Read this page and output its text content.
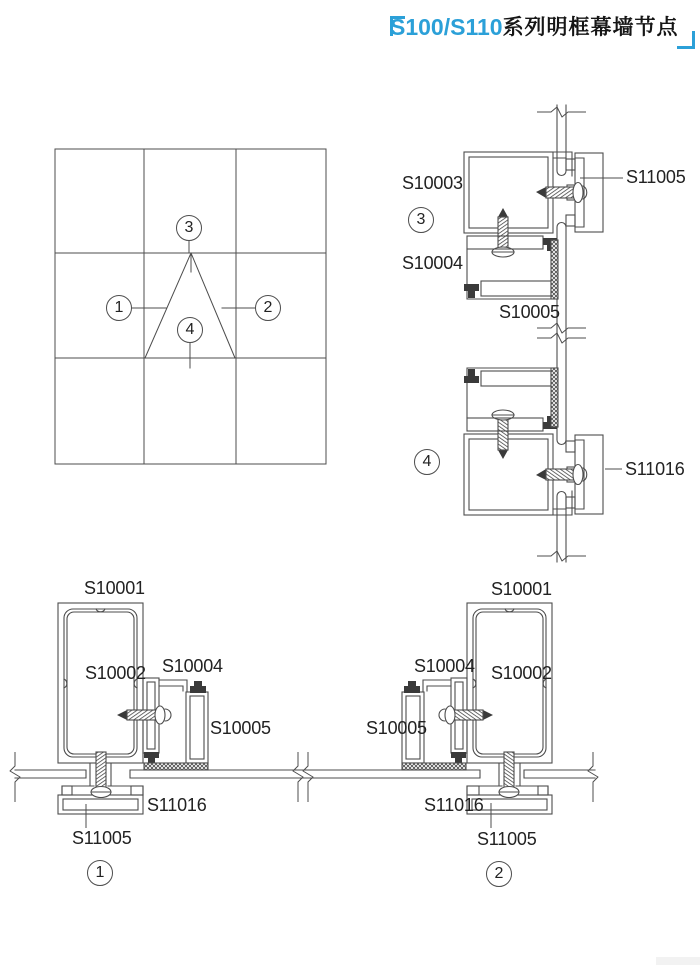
S100/S110系列明框幕墙节点
1	2
3
4
S10003	S11005
S10004
S10005
3
S11016
4
S10001
S10002 S10004
S10005
S11016
S11005
1
S10001
S10004 S10002
S10005
S11016
S11005
2
